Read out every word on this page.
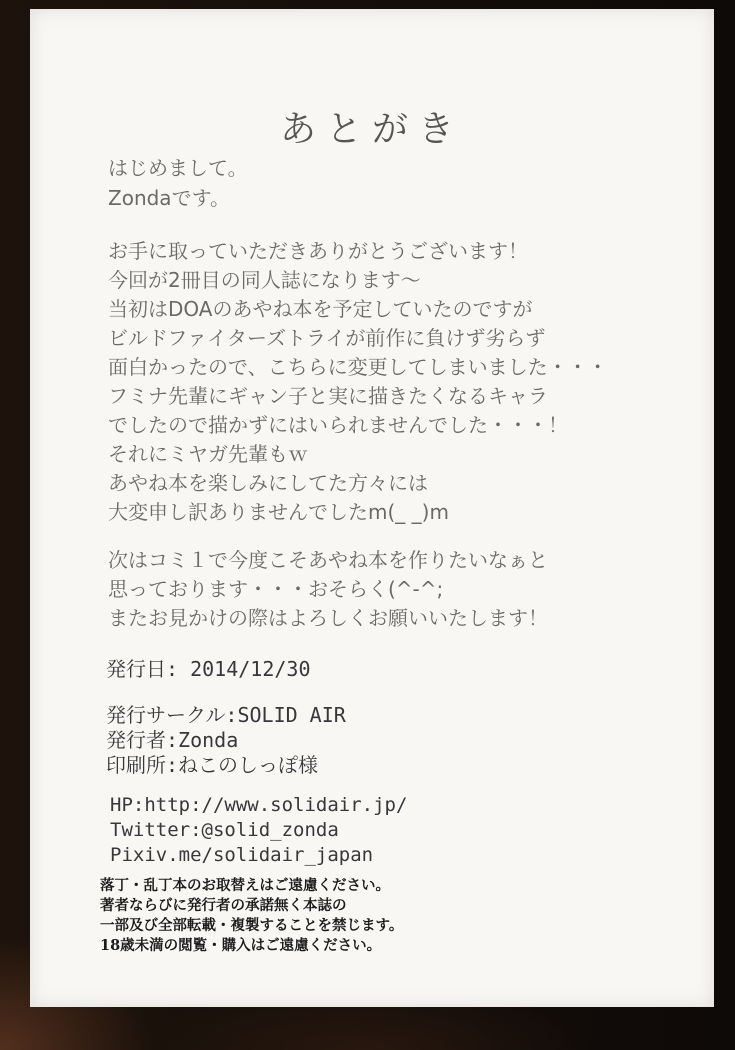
あとがき
はじめまして。
Zondaです。
お手に取っていただきありがとうございます！
今回が2冊目の同人誌になります～
当初はDOAのあやね本を予定していたのですが
ビルドファイターズトライが前作に負けず劣らず
面白かったので、こちらに変更してしまいました・・・
フミナ先輩にギャン子と実に描きたくなるキャラ
でしたので描かずにはいられませんでした・・・！
それにミヤガ先輩もｗ
あやね本を楽しみにしてた方々には
大変申し訳ありませんでしたm(_ _)m
次はコミ１で今度こそあやね本を作りたいなぁと
思っております・・・おそらく(^-^;
またお見かけの際はよろしくお願いいたします！
発行日: 2014/12/30
発行サークル:SOLID AIR
発行者:Zonda
印刷所:ねこのしっぽ様
HP:http://www.solidair.jp/
Twitter:@solid_zonda
Pixiv.me/solidair_japan
落丁・乱丁本のお取替えはご遠慮ください。
著者ならびに発行者の承諾無く本誌の
一部及び全部転載・複製することを禁じます。
18歳未満の閲覧・購入はご遠慮ください。
